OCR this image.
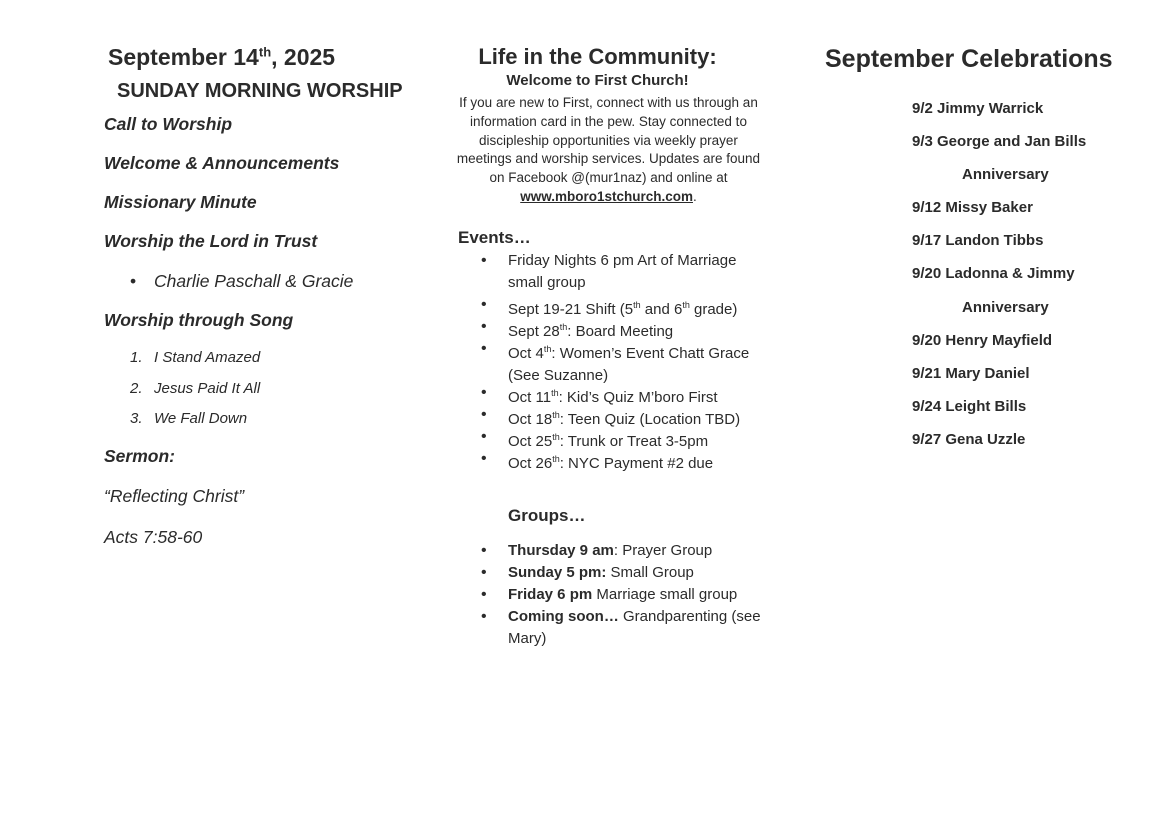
September 14th, 2025
SUNDAY MORNING WORSHIP
Call to Worship
Welcome & Announcements
Missionary Minute
Worship the Lord in Trust
• Charlie Paschall & Gracie
Worship through Song
1. I Stand Amazed
2. Jesus Paid It All
3. We Fall Down
Sermon:
“Reflecting Christ”
Acts 7:58-60
Life in the Community:
Welcome to First Church!
If you are new to First, connect with us through an information card in the pew. Stay connected to discipleship opportunities via weekly prayer meetings and worship services. Updates are found on Facebook @(mur1naz) and online at www.mboro1stchurch.com.
Events…
• Friday Nights 6 pm Art of Marriage small group
• Sept 19-21 Shift (5th and 6th grade)
• Sept 28th: Board Meeting
• Oct 4th: Women’s Event Chatt Grace (See Suzanne)
• Oct 11th: Kid’s Quiz M’boro First
• Oct 18th: Teen Quiz (Location TBD)
• Oct 25th: Trunk or Treat 3-5pm
• Oct 26th: NYC Payment #2 due
Groups…
• Thursday 9 am: Prayer Group
• Sunday 5 pm: Small Group
• Friday 6 pm Marriage small group
• Coming soon… Grandparenting (see Mary)
September Celebrations
9/2 Jimmy Warrick
9/3 George and Jan Bills
Anniversary
9/12 Missy Baker
9/17 Landon Tibbs
9/20 Ladonna & Jimmy
Anniversary
9/20 Henry Mayfield
9/21 Mary Daniel
9/24 Leight Bills
9/27 Gena Uzzle
